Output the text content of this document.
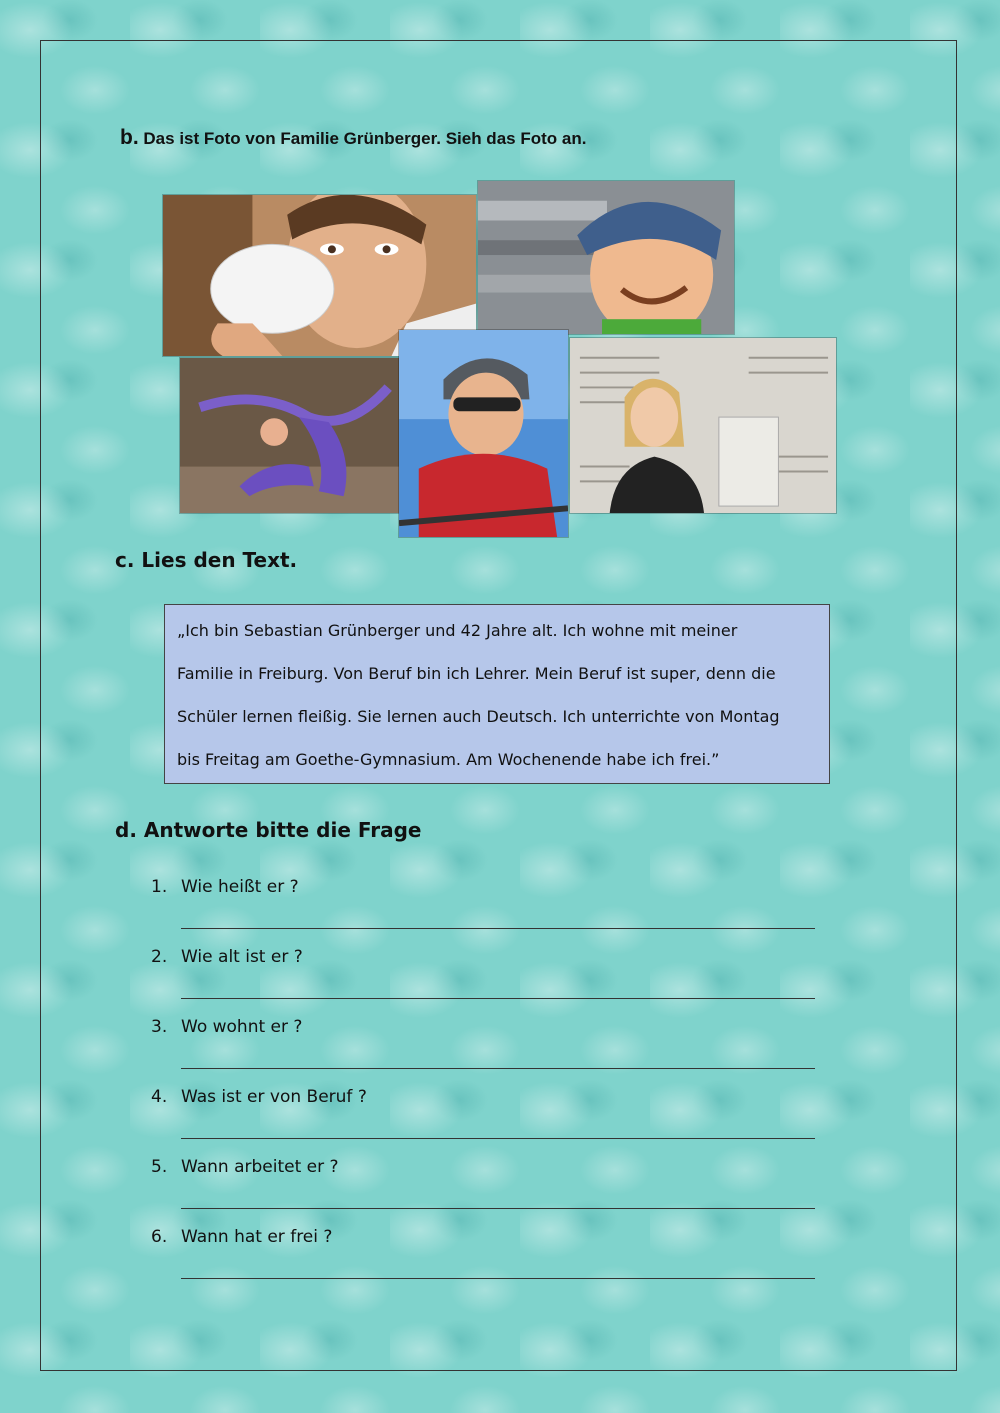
b. Das ist Foto von Familie Grünberger. Sieh das Foto an.
c. Lies den Text.
„Ich bin Sebastian Grünberger und 42 Jahre alt. Ich wohne mit meiner
Familie in Freiburg. Von Beruf bin ich Lehrer. Mein Beruf ist super, denn die
Schüler lernen fleißig. Sie lernen auch Deutsch. Ich unterrichte von Montag
bis Freitag am Goethe-Gymnasium. Am Wochenende habe ich frei.”
d. Antworte bitte die Frage
1. Wie heißt er ?
2. Wie alt ist er ?
3. Wo wohnt er ?
4. Was ist er von Beruf ?
5. Wann arbeitet er ?
6. Wann hat er frei ?
